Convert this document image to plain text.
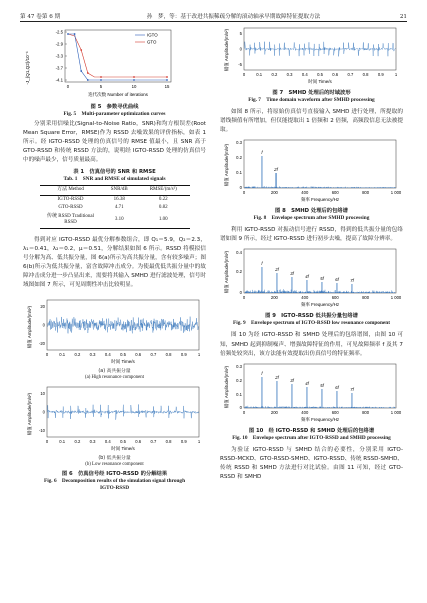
第 47 卷第 6 期	孙　梦，等：基于改进共振稀疏分解的滚动轴承早期故障特征提取方法	21
-J_{Q1,Q2}/10⁻¹
-2.5
-2.9
-3.3
-3.7
-4.1
0	5	10	15
IGTO
GTO
迭代次数 Number of iterations
图 5　参数寻优曲线
Fig. 5　Multi-parameter optimization curves

分别采用信噪比(Signal-to-Noise Ratio，SNR)和均方根误差(Root Mean Square Error，RMSE)作为 RSSD 去噪效果的评价指标，如表 1 所示。经 IGTO-RSSD 处理的仿真信号的 RMSE 值最小，且 SNR 高于 GTO-RSSD 和传统 RSSD 方法的，说明经 IGTO-RSSD 处理的仿真信号中的噪声最少，信号质量最高。

表 1　仿真信号的 SNR 和 RMSE
Tab. 1　SNR and RMSE of simulated signals
方法 Method	SNR/dB	RMSE/(m/s²)
IGTO-RSSD	16.38	0.22
GTO-RSSD	4.71	0.82
传统 RSSD Traditional RSSD	3.10	1.00

得到对应 IGTO-RSSD 最优分解参数组合，即 Q₁＝5.9，Q₂＝2.3，λ₁＝0.41，λ₂＝0.2，μ＝0.51，分解结果如图 6 所示。RSSD 将模拟信号分解为高、低共振分量，图 6(a)所示为高共振分量，含有较多噪声；图 6(b)所示为低共振分量，富含故障冲击成分。为使最优低共振分量中的故障冲击成分进一步凸显出来，需要将其输入 SMHD 进行滤波处理，信号时域图如图 7 所示，可见周期性冲击比较明显。

幅值 Amplitude/(m/s²) 20
0
-20
0	0.1 0.2 0.3 0.4 0.5 0.6 0.7 0.8 0.9	1
时间 Time/s
(a) 高共振分量
(a) High resonance component
幅值 Amplitude/(m/s²) 10
0
-10
0	0.1 0.2 0.3 0.4 0.5 0.6 0.7 0.8 0.9	1
时间 Time/s
(b) 低共振分量
(b) Low resonance component
图 6　仿真信号经 IGTO-RSSD 的分解结果
Fig. 6　Decomposition results of the simulation signal through
IGTO-RSSD
幅值 Amplitude/(m/s²)	5
0
-5
0	0.1 0.2 0.3 0.4 0.5 0.6 0.7 0.8 0.9	1
时间 Time/s
图 7　SMHD 处理后的时域波形
Fig. 7　Time domain waveform after SMHD processing

如图 8 所示，将原始仿真信号直接输入 SMHD 进行处理，所提取的谱线频值有所增加，但仅能提取出 1 倍频和 2 倍频，高频段信息无法被提取。

幅值 Amplitude/(m/s²)
0.3
0.2
0.1
0
f
2f
0	200	400	600	800	1 000
频率 Frequency/Hz
图 8　SMHD 处理后的包络谱
Fig. 8　Envelope spectrum after SMHD processing

利用 IGTO-RSSD 对振动信号进行 RSSD，得到的低共振分量的包络谱如图 9 所示，经过 IGTO-RSSD 进行初步去噪，提高了故障分辨率。

幅值 Amplitude/(m/s²) 0.4
0.2
0
f
2f
3f
4f	5f	6f	7f
0	200	400	600	800	1 000
频率 Frequency/Hz
图 9　IGTO-RSSD 低共振分量包络谱
Fig. 9　Envelope spectrum of IGTO-RSSD low resonance component

图 10 为经 IGTO-RSSD 和 SMHD 处理后的包络谱图，由图 10 可知，SMHD 起到抑制噪声、增强故障特征的作用，可见故障频率 f 及其 7 倍频处较突出，该方法能有效提取出仿真信号的特征频率。

幅值 Amplitude/(m/s²) 0.3
0.2
0.1
0
f
2f
3f
4f	5f	6f	7f
0	200	400	600	800	1 000
频率 Frequency/Hz
图 10　经 IGTO-RSSD 和 SMHD 处理后的包络谱
Fig. 10　Envelope spectrum after IGTO-RSSD and SMHD processing

为验证 IGTO-RSSD 与 SMHD 结合的必要性，分别采用 IGTO-RSSD-MCKD、GTO-RSSD-SMHD、IGTO-RSSD、传统 RSSD-SMHD、传统 RSSD 和 SMHD 方法进行对比试验。由图 11 可知，经过 GTO-RSSD 和 SMHD
